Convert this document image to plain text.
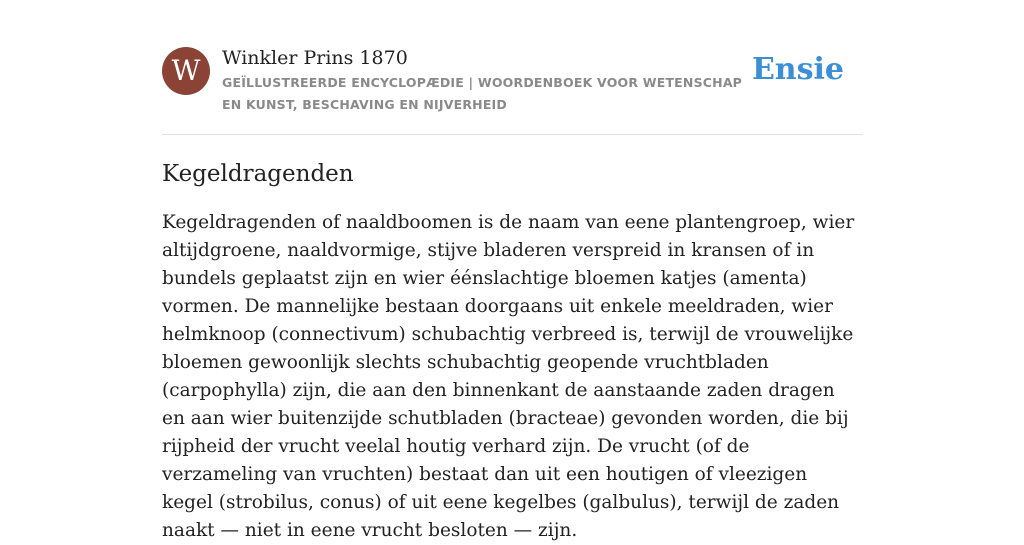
W	Winkler Prins 1870
GEÏLLUSTREERDE ENCYCLOPÆDIE | WOORDENBOEK VOOR WETENSCHAP EN KUNST, BESCHAVING EN NIJVERHEID
Ensie
Kegeldragenden

Kegeldragenden of naaldboomen is de naam van eene plantengroep, wier altijdgroene, naaldvormige, stijve bladeren verspreid in kransen of in bundels geplaatst zijn en wier éénslachtige bloemen katjes (amenta) vormen. De mannelijke bestaan doorgaans uit enkele meeldraden, wier helmknoop (connectivum) schubachtig verbreed is, terwijl de vrouwelijke bloemen gewoonlijk slechts schubachtig geopende vruchtbladen (carpophylla) zijn, die aan den binnenkant de aanstaande zaden dragen en aan wier buitenzijde schutbladen (bracteae) gevonden worden, die bij rijpheid der vrucht veelal houtig verhard zijn. De vrucht (of de verzameling van vruchten) bestaat dan uit een houtigen of vleezigen kegel (strobilus, conus) of uit eene kegelbes (galbulus), terwijl de zaden naakt — niet in eene vrucht besloten — zijn.
